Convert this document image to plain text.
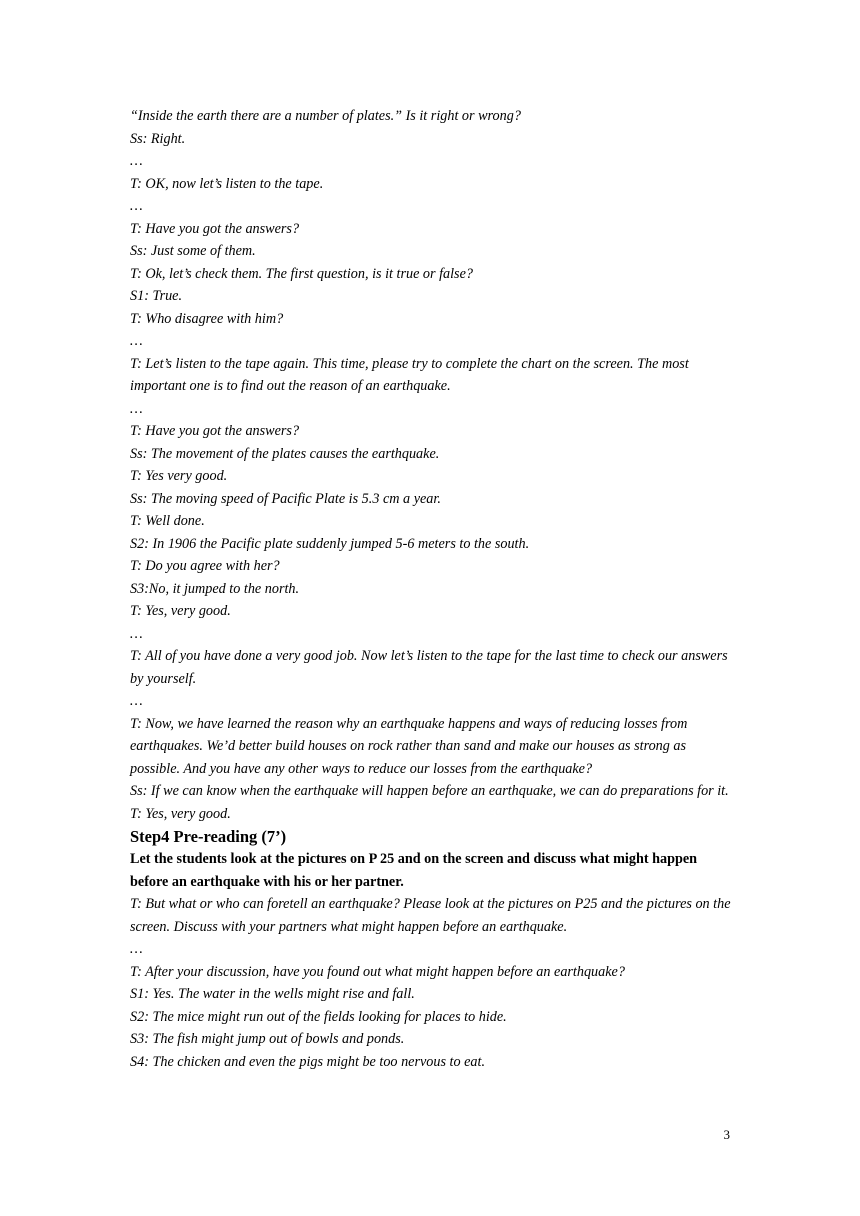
“Inside the earth there are a number of plates.” Is it right or wrong?
Ss: Right.
…
T: OK, now let’s listen to the tape.
…
T: Have you got the answers?
Ss: Just some of them.
T: Ok, let’s check them. The first question, is it true or false?
S1: True.
T: Who disagree with him?
…
T: Let’s listen to the tape again. This time, please try to complete the chart on the screen. The most important one is to find out the reason of an earthquake.
…
T: Have you got the answers?
Ss: The movement of the plates causes the earthquake.
T: Yes very good.
Ss: The moving speed of Pacific Plate is 5.3 cm a year.
T: Well done.
S2: In 1906 the Pacific plate suddenly jumped 5-6 meters to the south.
T: Do you agree with her?
S3:No, it jumped to the north.
T: Yes, very good.
…
T: All of you have done a very good job. Now let’s listen to the tape for the last time to check our answers by yourself.
…
T: Now, we have learned the reason why an earthquake happens and ways of reducing losses from earthquakes. We’d better build houses on rock rather than sand and make our houses as strong as possible. And you have any other ways to reduce our losses from the earthquake?
Ss: If we can know when the earthquake will happen before an earthquake, we can do preparations for it.
T: Yes, very good.
Step4 Pre-reading (7’)
Let the students look at the pictures on P 25 and on the screen and discuss what might happen before an earthquake with his or her partner.
T: But what or who can foretell an earthquake? Please look at the pictures on P25 and the pictures on the screen. Discuss with your partners what might happen before an earthquake.
…
T: After your discussion, have you found out what might happen before an earthquake?
S1: Yes. The water in the wells might rise and fall.
S2: The mice might run out of the fields looking for places to hide.
S3: The fish might jump out of bowls and ponds.
S4: The chicken and even the pigs might be too nervous to eat.
3
